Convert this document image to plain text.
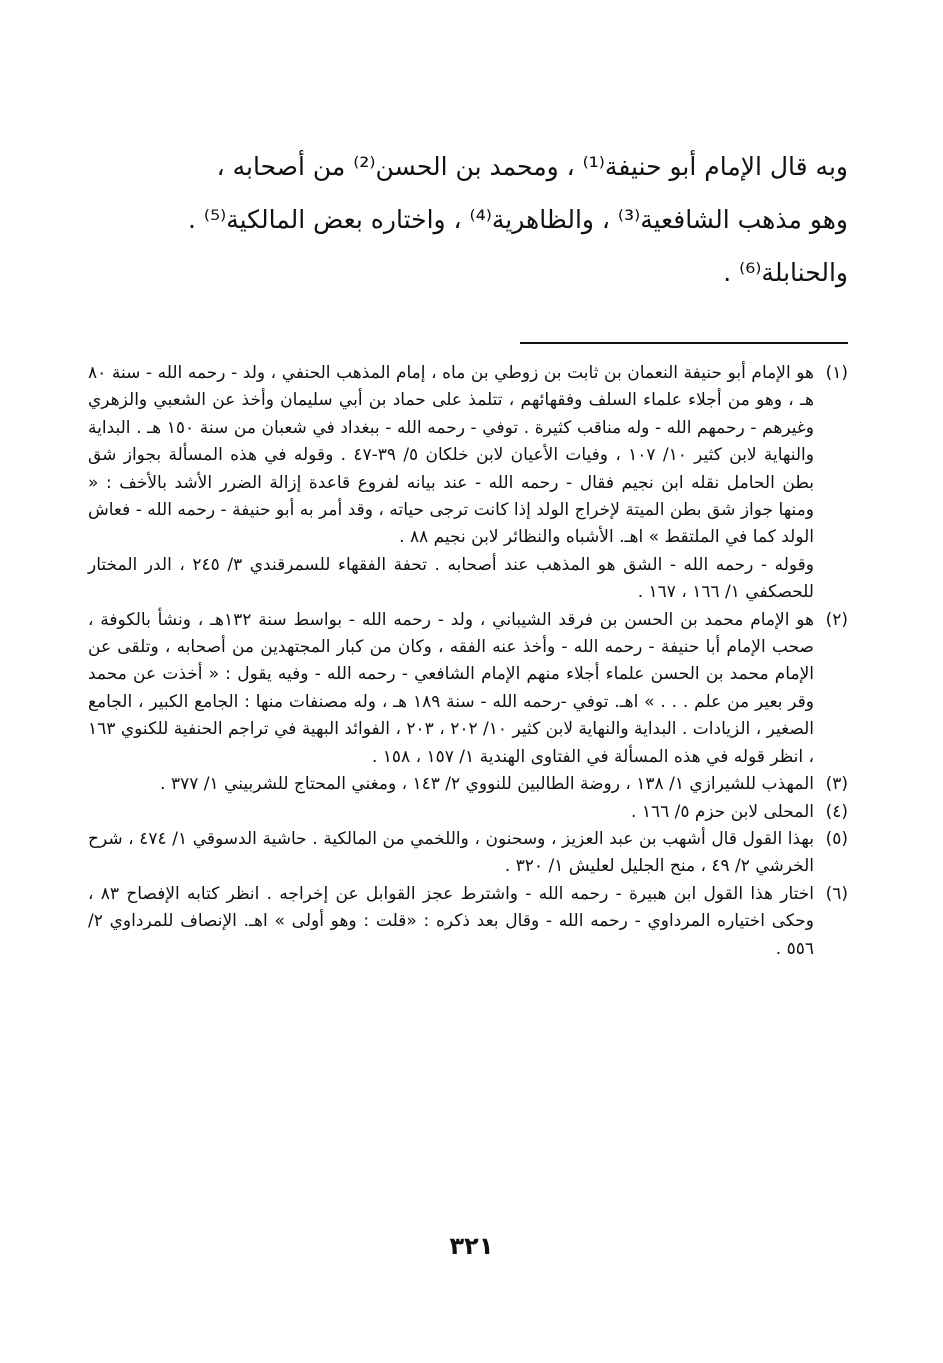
وبه قال الإمام أبو حنيفة⁽¹⁾ ، ومحمد بن الحسن⁽²⁾ من أصحابه ،

وهو مذهب الشافعية⁽³⁾ ، والظاهرية⁽⁴⁾ ، واختاره بعض المالكية⁽⁵⁾ .

والحنابلة⁽⁶⁾ .

(١)

هو الإمام أبو حنيفة النعمان بن ثابت بن زوطي بن ماه ، إمام المذهب الحنفي ، ولد - رحمه الله - سنة ٨٠ هـ ، وهو من أجلاء علماء السلف وفقهائهم ، تتلمذ على حماد بن أبي سليمان وأخذ عن الشعبي والزهري وغيرهم - رحمهم الله - وله مناقب كثيرة . توفي - رحمه الله - ببغداد في شعبان من سنة ١٥٠ هـ . البداية والنهاية لابن كثير ١٠/ ١٠٧ ، وفيات الأعيان لابن خلكان ٥/ ٣٩-٤٧ . وقوله في هذه المسألة بجواز شق بطن الحامل نقله ابن نجيم فقال - رحمه الله - عند بيانه لفروع قاعدة إزالة الضرر الأشد بالأخف : « ومنها جواز شق بطن الميتة لإخراج الولد إذا كانت ترجى حياته ، وقد أمر به أبو حنيفة - رحمه الله - فعاش الولد كما في الملتقط » اهـ. الأشباه والنظائر لابن نجيم ٨٨ .

وقوله - رحمه الله - الشق هو المذهب عند أصحابه . تحفة الفقهاء للسمرقندي ٣/ ٢٤٥ ، الدر المختار للحصكفي ١/ ١٦٦ ، ١٦٧ .

(٢)

هو الإمام محمد بن الحسن بن فرقد الشيباني ، ولد - رحمه الله - بواسط سنة ١٣٢هـ ، ونشأ بالكوفة ، صحب الإمام أبا حنيفة - رحمه الله - وأخذ عنه الفقه ، وكان من كبار المجتهدين من أصحابه ، وتلقى عن الإمام محمد بن الحسن علماء أجلاء منهم الإمام الشافعي - رحمه الله - وفيه يقول : « أخذت عن محمد وقر بعير من علم . . . » اهـ. توفي -رحمه الله - سنة ١٨٩ هـ ، وله مصنفات منها : الجامع الكبير ، الجامع الصغير ، الزيادات . البداية والنهاية لابن كثير ١٠/ ٢٠٢ ، ٢٠٣ ، الفوائد البهية في تراجم الحنفية للكنوي ١٦٣ ، انظر قوله في هذه المسألة في الفتاوى الهندية ١/ ١٥٧ ، ١٥٨ .

(٣)

المهذب للشيرازي ١/ ١٣٨ ، روضة الطالبين للنووي ٢/ ١٤٣ ، ومغني المحتاج للشربيني ١/ ٣٧٧ .

(٤)

المحلى لابن حزم ٥/ ١٦٦ .

(٥)

بهذا القول قال أشهب بن عبد العزيز ، وسحنون ، واللخمي من المالكية . حاشية الدسوقي ١/ ٤٧٤ ، شرح الخرشي ٢/ ٤٩ ، منح الجليل لعليش ١/ ٣٢٠ .

(٦)

اختار هذا القول ابن هبيرة - رحمه الله - واشترط عجز القوابل عن إخراجه . انظر كتابه الإفصاح ٨٣ ، وحكى اختياره المرداوي - رحمه الله - وقال بعد ذكره : «قلت : وهو أولى » اهـ. الإنصاف للمرداوي ٢/ ٥٥٦ .

٣٢١
